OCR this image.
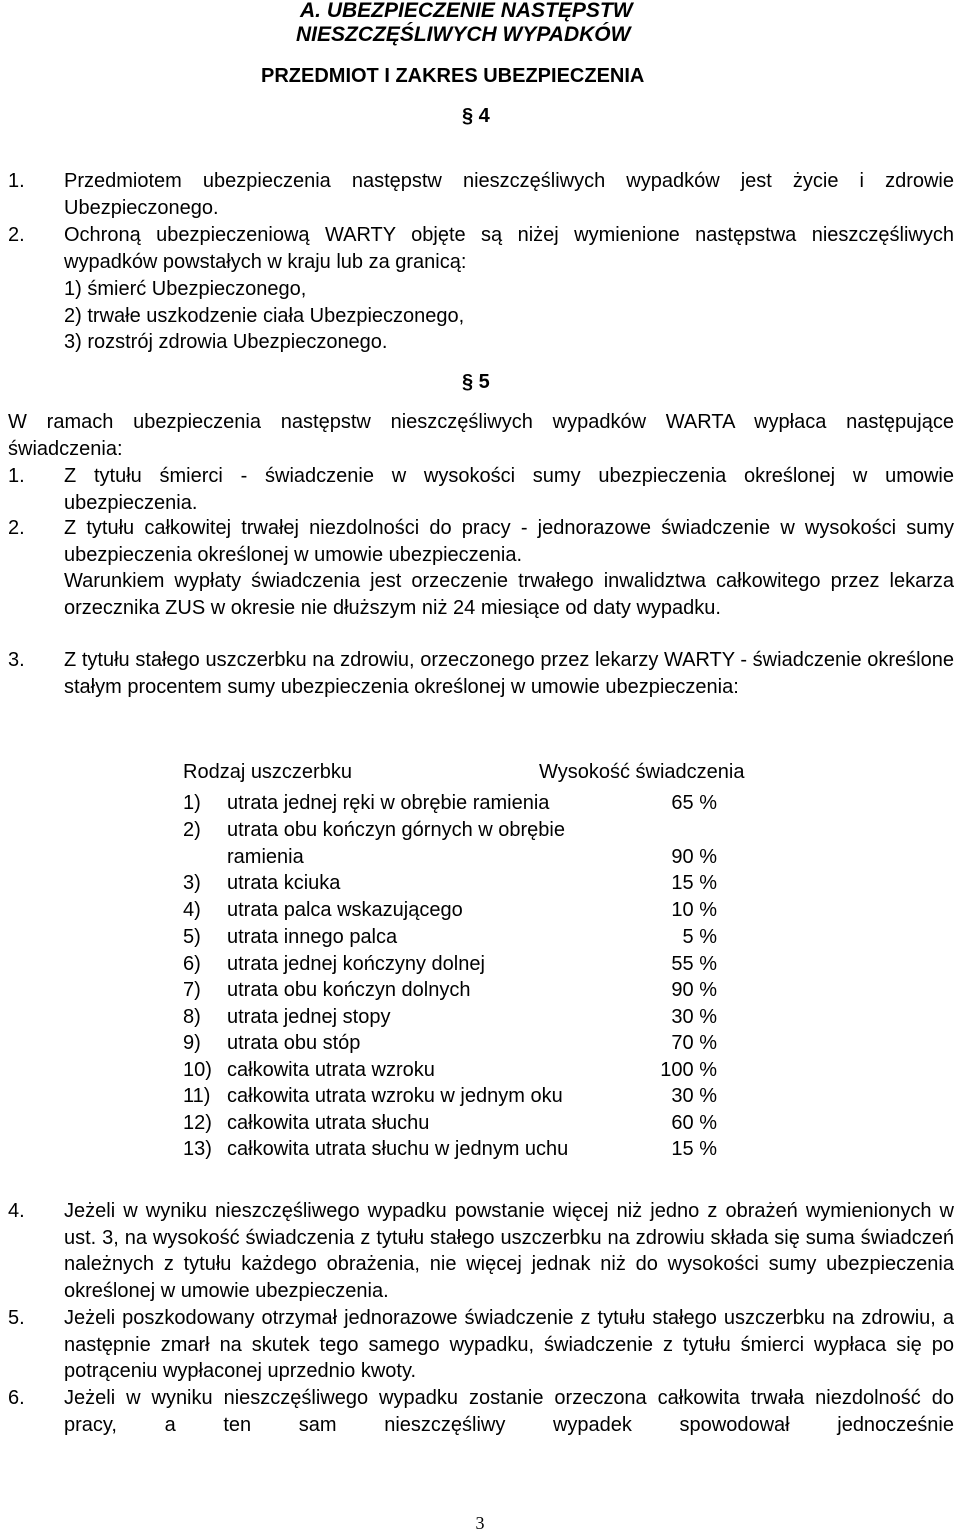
A. UBEZPIECZENIE NASTĘPSTW
NIESZCZĘŚLIWYCH WYPADKÓW
PRZEDMIOT I ZAKRES UBEZPIECZENIA
§ 4
1. Przedmiotem ubezpieczenia następstw nieszczęśliwych wypadków jest życie i zdrowie Ubezpieczonego.

2. Ochroną ubezpieczeniową WARTY objęte są niżej wymienione następstwa nieszczęśliwych wypadków powstałych w kraju lub za granicą:

1) śmierć Ubezpieczonego,
2) trwałe uszkodzenie ciała Ubezpieczonego,
3) rozstrój zdrowia Ubezpieczonego.
§ 5

W ramach ubezpieczenia następstw nieszczęśliwych wypadków WARTA wypłaca następujące świadczenia:

1. Z tytułu śmierci - świadczenie w wysokości sumy ubezpieczenia określonej w umowie ubezpieczenia.

2. Z tytułu całkowitej trwałej niezdolności do pracy - jednorazowe świadczenie w wysokości sumy ubezpieczenia określonej w umowie ubezpieczenia.

Warunkiem wypłaty świadczenia jest orzeczenie trwałego inwalidztwa całkowitego przez lekarza orzecznika ZUS w okresie nie dłuższym niż 24 miesiące od daty wypadku.

3. Z tytułu stałego uszczerbku na zdrowiu, orzeczonego przez lekarzy WARTY - świadczenie określone stałym procentem sumy ubezpieczenia określonej w umowie ubezpieczenia:

Rodzaj uszczerbku	Wysokość świadczenia
1) utrata jednej ręki w obrębie ramienia	65 %
2) utrata obu kończyn górnych w obrębie
ramienia	90 %
3) utrata kciuka	15 %
4) utrata palca wskazującego	10 %
5) utrata innego palca	5 %
6) utrata jednej kończyny dolnej	55 %
7) utrata obu kończyn dolnych	90 %
8) utrata jednej stopy	30 %
9) utrata obu stóp	70 %
10) całkowita utrata wzroku	100 %
11) całkowita utrata wzroku w jednym oku	30 %
12) całkowita utrata słuchu	60 %
13) całkowita utrata słuchu w jednym uchu	15 %
4. Jeżeli w wyniku nieszczęśliwego wypadku powstanie więcej niż jedno z obrażeń wymienionych w ust. 3, na wysokość świadczenia z tytułu stałego uszczerbku na zdrowiu składa się suma świadczeń należnych z tytułu każdego obrażenia, nie więcej jednak niż do wysokości sumy ubezpieczenia określonej w umowie ubezpieczenia.

5. Jeżeli poszkodowany otrzymał jednorazowe świadczenie z tytułu stałego uszczerbku na zdrowiu, a następnie zmarł na skutek tego samego wypadku, świadczenie z tytułu śmierci wypłaca się po potrąceniu wypłaconej uprzednio kwoty.

6. Jeżeli w wyniku nieszczęśliwego wypadku zostanie orzeczona całkowita trwała niezdolność do pracy, a ten sam nieszczęśliwy wypadek spowodował jednocześnie

3
